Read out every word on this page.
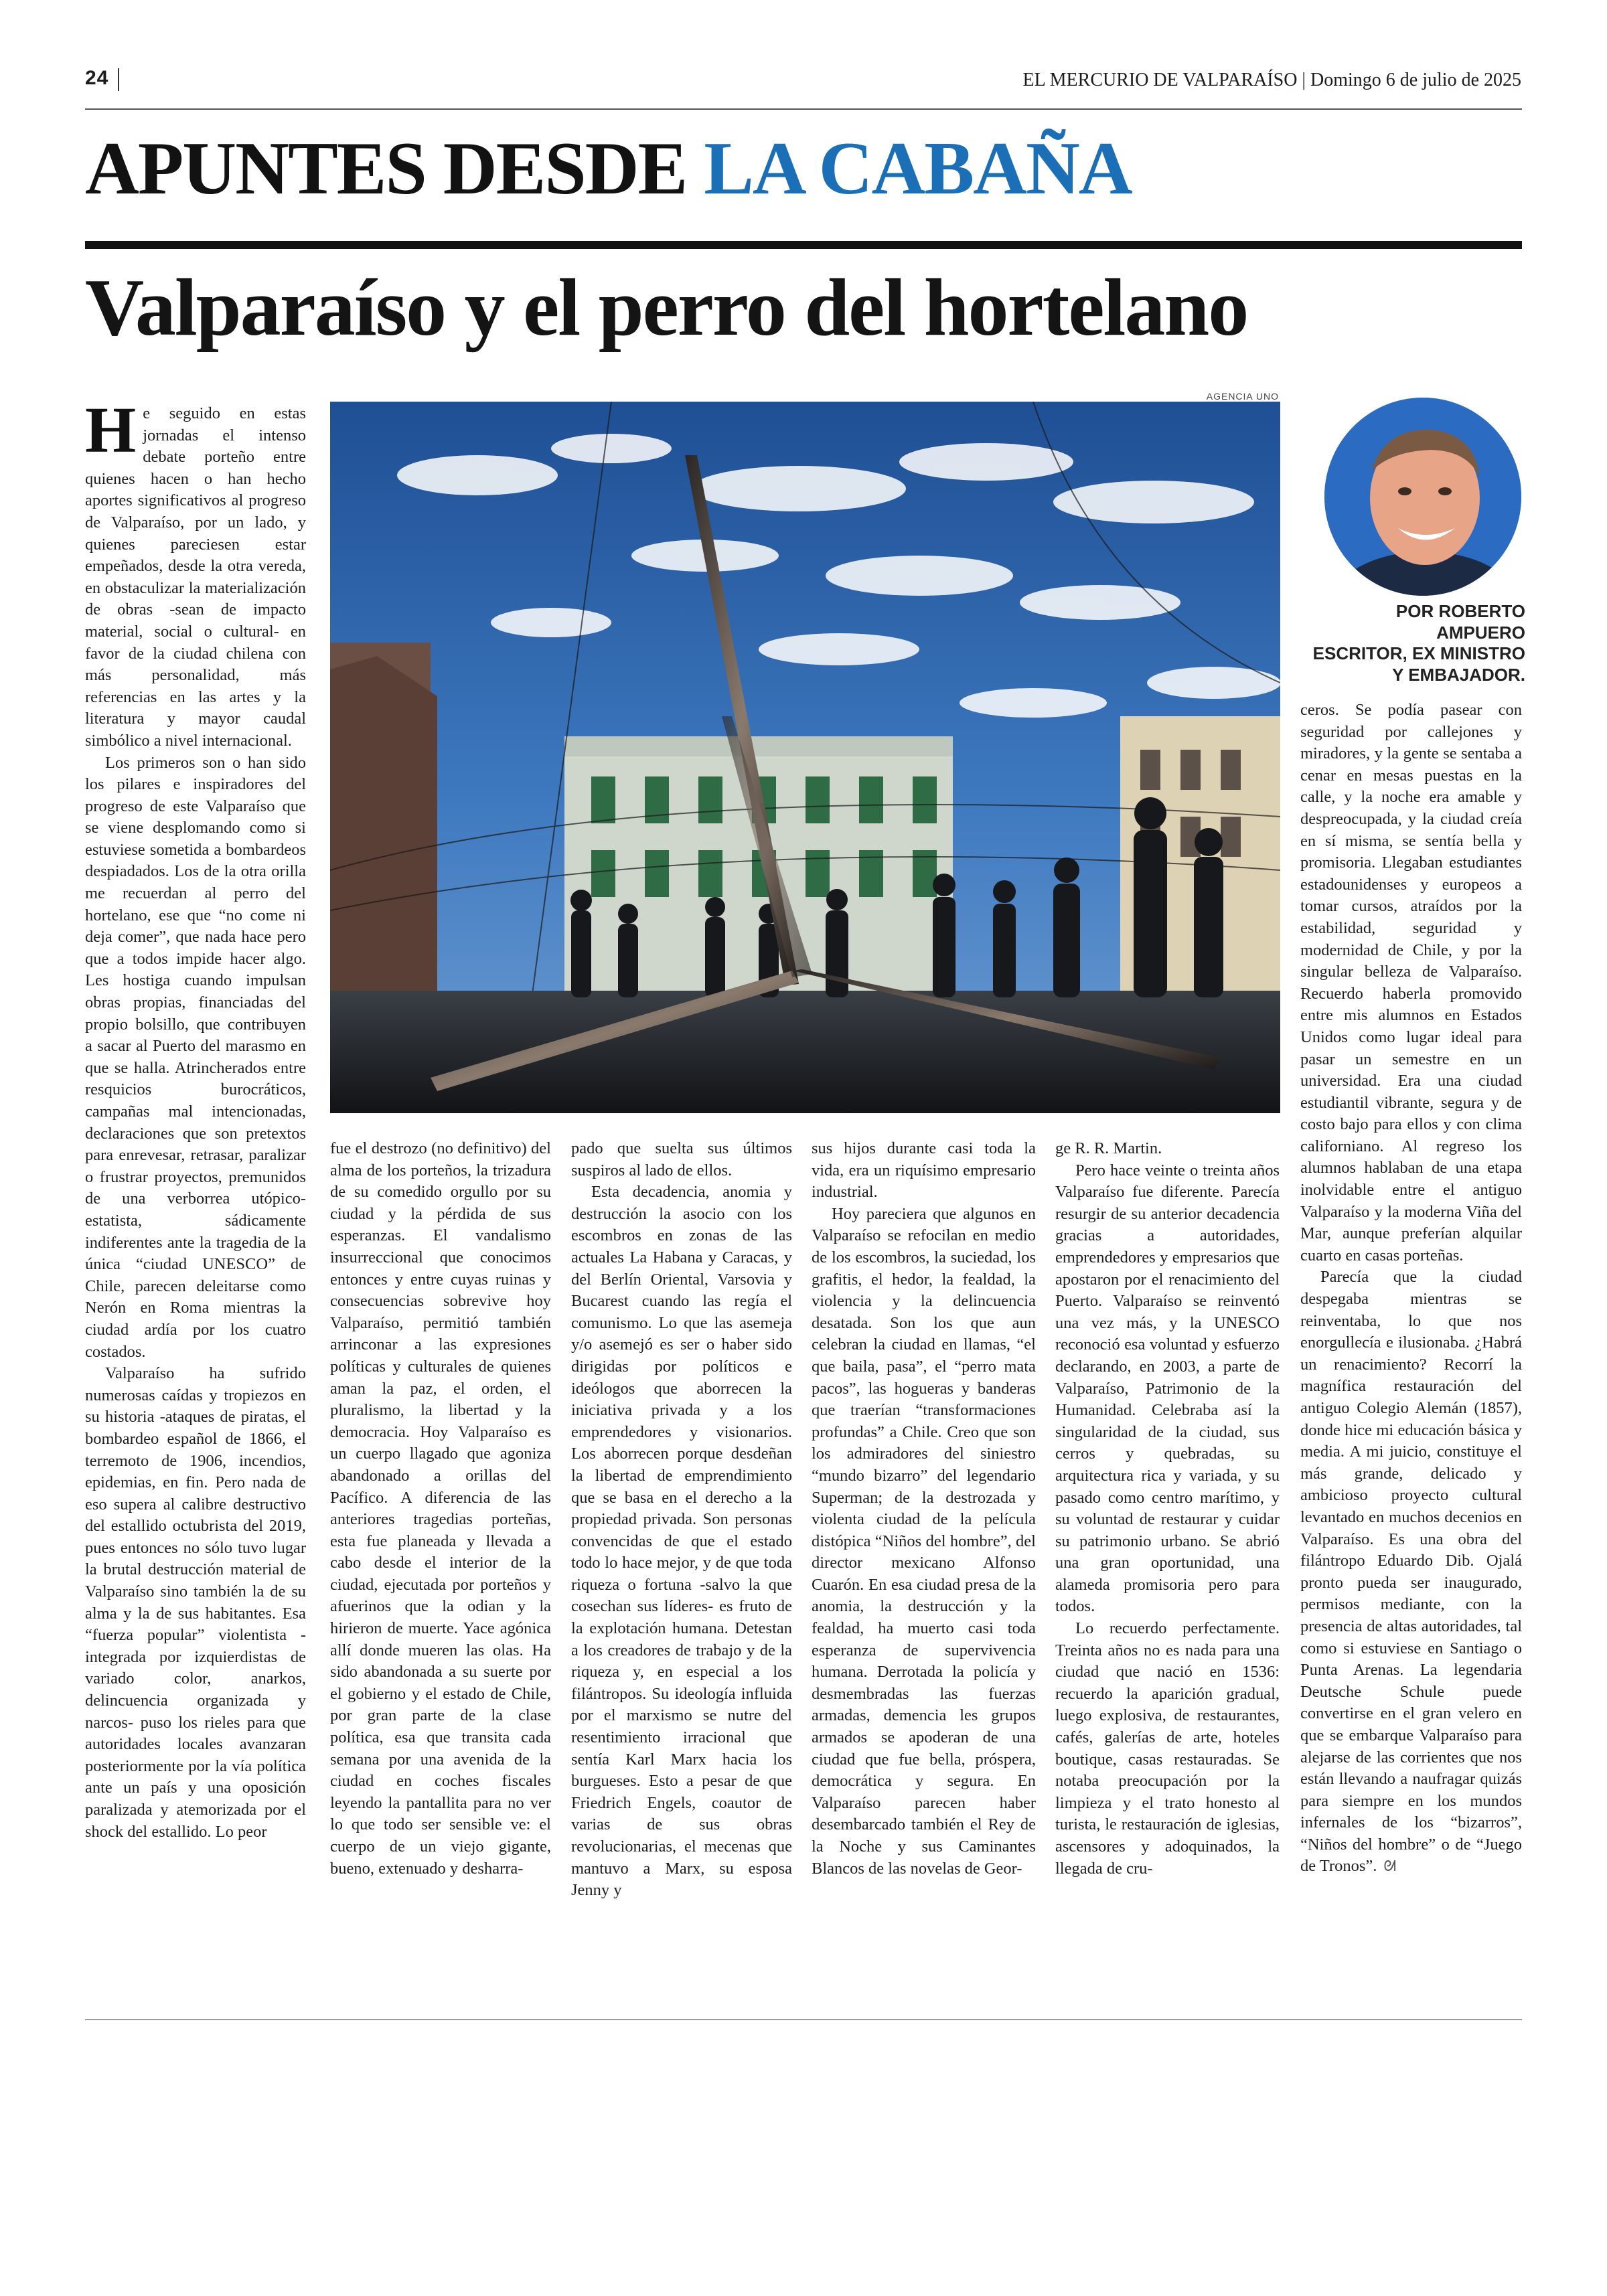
24	EL MERCURIO DE VALPARAÍSO | Domingo 6 de julio de 2025
APUNTES DESDE LA CABAÑA
Valparaíso y el perro del hortelano
AGENCIA UNO
POR ROBERTO AMPUERO
ESCRITOR, EX MINISTRO
Y EMBAJADOR.

He seguido en estas jornadas el intenso debate porteño entre quienes hacen o han hecho aportes significativos al progreso de Valparaíso, por un lado, y quienes pareciesen estar empeñados, desde la otra vereda, en obstaculizar la materialización de obras -sean de impacto material, social o cultural- en favor de la ciudad chilena con más personalidad, más referencias en las artes y la literatura y mayor caudal simbólico a nivel internacional.

Los primeros son o han sido los pilares e inspiradores del progreso de este Valparaíso que se viene desplomando como si estuviese sometida a bombardeos despiadados. Los de la otra orilla me recuerdan al perro del hortelano, ese que “no come ni deja comer”, que nada hace pero que a todos impide hacer algo. Les hostiga cuando impulsan obras propias, financiadas del propio bolsillo, que contribuyen a sacar al Puerto del marasmo en que se halla. Atrincherados entre resquicios burocráticos, campañas mal intencionadas, declaraciones que son pretextos para enrevesar, retrasar, paralizar o frustrar proyectos, premunidos de una verborrea utópico-estatista, sádicamente indiferentes ante la tragedia de la única “ciudad UNESCO” de Chile, parecen deleitarse como Nerón en Roma mientras la ciudad ardía por los cuatro costados.

Valparaíso ha sufrido numerosas caídas y tropiezos en su historia -ataques de piratas, el bombardeo español de 1866, el terremoto de 1906, incendios, epidemias, en fin. Pero nada de eso supera al calibre destructivo del estallido octubrista del 2019, pues entonces no sólo tuvo lugar la brutal destrucción material de Valparaíso sino también la de su alma y la de sus habitantes. Esa “fuerza popular” violentista -integrada por izquierdistas de variado color, anarkos, delincuencia organizada y narcos- puso los rieles para que autoridades locales avanzaran posteriormente por la vía política ante un país y una oposición paralizada y atemorizada por el shock del estallido. Lo peor

fue el destrozo (no definitivo) del alma de los porteños, la trizadura de su comedido orgullo por su ciudad y la pérdida de sus esperanzas. El vandalismo insurreccional que conocimos entonces y entre cuyas ruinas y consecuencias sobrevive hoy Valparaíso, permitió también arrinconar a las expresiones políticas y culturales de quienes aman la paz, el orden, el pluralismo, la libertad y la democracia. Hoy Valparaíso es un cuerpo llagado que agoniza abandonado a orillas del Pacífico. A diferencia de las anteriores tragedias porteñas, esta fue planeada y llevada a cabo desde el interior de la ciudad, ejecutada por porteños y afuerinos que la odian y la hirieron de muerte. Yace agónica allí donde mueren las olas. Ha sido abandonada a su suerte por el gobierno y el estado de Chile, por gran parte de la clase política, esa que transita cada semana por una avenida de la ciudad en coches fiscales leyendo la pantallita para no ver lo que todo ser sensible ve: el cuerpo de un viejo gigante, bueno, extenuado y desharra-

pado que suelta sus últimos suspiros al lado de ellos.

Esta decadencia, anomia y destrucción la asocio con los escombros en zonas de las actuales La Habana y Caracas, y del Berlín Oriental, Varsovia y Bucarest cuando las regía el comunismo. Lo que las asemeja y/o asemejó es ser o haber sido dirigidas por políticos e ideólogos que aborrecen la iniciativa privada y a los emprendedores y visionarios. Los aborrecen porque desdeñan la libertad de emprendimiento que se basa en el derecho a la propiedad privada. Son personas convencidas de que el estado todo lo hace mejor, y de que toda riqueza o fortuna -salvo la que cosechan sus líderes- es fruto de la explotación humana. Detestan a los creadores de trabajo y de la riqueza y, en especial a los filántropos. Su ideología influida por el marxismo se nutre del resentimiento irracional que sentía Karl Marx hacia los burgueses. Esto a pesar de que Friedrich Engels, coautor de varias de sus obras revolucionarias, el mecenas que mantuvo a Marx, su esposa Jenny y

sus hijos durante casi toda la vida, era un riquísimo empresario industrial.

Hoy pareciera que algunos en Valparaíso se refocilan en medio de los escombros, la suciedad, los grafitis, el hedor, la fealdad, la violencia y la delincuencia desatada. Son los que aun celebran la ciudad en llamas, “el que baila, pasa”, el “perro mata pacos”, las hogueras y banderas que traerían “transformaciones profundas” a Chile. Creo que son los admiradores del siniestro “mundo bizarro” del legendario Superman; de la destrozada y violenta ciudad de la película distópica “Niños del hombre”, del director mexicano Alfonso Cuarón. En esa ciudad presa de la anomia, la destrucción y la fealdad, ha muerto casi toda esperanza de supervivencia humana. Derrotada la policía y desmembradas las fuerzas armadas, demencia les grupos armados se apoderan de una ciudad que fue bella, próspera, democrática y segura. En Valparaíso parecen haber desembarcado también el Rey de la Noche y sus Caminantes Blancos de las novelas de Geor-

ge R. R. Martin.

Pero hace veinte o treinta años Valparaíso fue diferente. Parecía resurgir de su anterior decadencia gracias a autoridades, emprendedores y empresarios que apostaron por el renacimiento del Puerto. Valparaíso se reinventó una vez más, y la UNESCO reconoció esa voluntad y esfuerzo declarando, en 2003, a parte de Valparaíso, Patrimonio de la Humanidad. Celebraba así la singularidad de la ciudad, sus cerros y quebradas, su arquitectura rica y variada, y su pasado como centro marítimo, y su voluntad de restaurar y cuidar su patrimonio urbano. Se abrió una gran oportunidad, una alameda promisoria pero para todos.

Lo recuerdo perfectamente. Treinta años no es nada para una ciudad que nació en 1536: recuerdo la aparición gradual, luego explosiva, de restaurantes, cafés, galerías de arte, hoteles boutique, casas restauradas. Se notaba preocupación por la limpieza y el trato honesto al turista, le restauración de iglesias, ascensores y adoquinados, la llegada de cru-

ceros. Se podía pasear con seguridad por callejones y miradores, y la gente se sentaba a cenar en mesas puestas en la calle, y la noche era amable y despreocupada, y la ciudad creía en sí misma, se sentía bella y promisoria. Llegaban estudiantes estadounidenses y europeos a tomar cursos, atraídos por la estabilidad, seguridad y modernidad de Chile, y por la singular belleza de Valparaíso. Recuerdo haberla promovido entre mis alumnos en Estados Unidos como lugar ideal para pasar un semestre en un universidad. Era una ciudad estudiantil vibrante, segura y de costo bajo para ellos y con clima californiano. Al regreso los alumnos hablaban de una etapa inolvidable entre el antiguo Valparaíso y la moderna Viña del Mar, aunque preferían alquilar cuarto en casas porteñas.

Parecía que la ciudad despegaba mientras se reinventaba, lo que nos enorgullecía e ilusionaba. ¿Habrá un renacimiento? Recorrí la magnífica restauración del antiguo Colegio Alemán (1857), donde hice mi educación básica y media. A mi juicio, constituye el más grande, delicado y ambicioso proyecto cultural levantado en muchos decenios en Valparaíso. Es una obra del filántropo Eduardo Dib. Ojalá pronto pueda ser inaugurado, permisos mediante, con la presencia de altas autoridades, tal como si estuviese en Santiago o Punta Arenas. La legendaria Deutsche Schule puede convertirse en el gran velero en que se embarque Valparaíso para alejarse de las corrientes que nos están llevando a naufragar quizás para siempre en los mundos infernales de los “bizarros”, “Niños del hombre” o de “Juego de Tronos”. ᘛ
